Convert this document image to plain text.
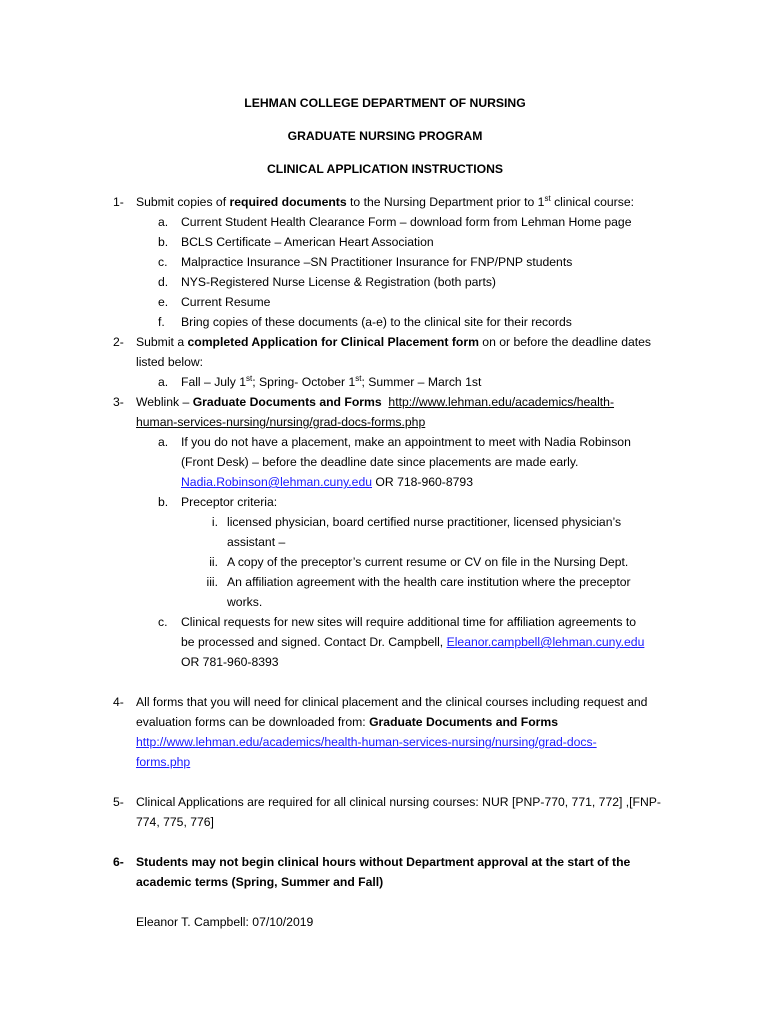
LEHMAN COLLEGE DEPARTMENT OF NURSING
GRADUATE NURSING PROGRAM
CLINICAL APPLICATION INSTRUCTIONS
1- Submit copies of required documents to the Nursing Department prior to 1st clinical course:
a. Current Student Health Clearance Form – download form from Lehman Home page
b. BCLS Certificate – American Heart Association
c. Malpractice Insurance –SN Practitioner Insurance for FNP/PNP students
d. NYS-Registered Nurse License & Registration (both parts)
e. Current Resume
f. Bring copies of these documents (a-e) to the clinical site for their records
2- Submit a completed Application for Clinical Placement form on or before the deadline dates
listed below:
a. Fall – July 1st; Spring- October 1st; Summer – March 1st
3- Weblink – Graduate Documents and Forms http://www.lehman.edu/academics/health-
human-services-nursing/nursing/grad-docs-forms.php
a. If you do not have a placement, make an appointment to meet with Nadia Robinson
(Front Desk) – before the deadline date since placements are made early.
Nadia.Robinson@lehman.cuny.edu OR 718-960-8793
b. Preceptor criteria:
i. licensed physician, board certified nurse practitioner, licensed physician’s
assistant –
ii. A copy of the preceptor’s current resume or CV on file in the Nursing Dept.
iii. An affiliation agreement with the health care institution where the preceptor
works.
c. Clinical requests for new sites will require additional time for affiliation agreements to
be processed and signed. Contact Dr. Campbell, Eleanor.campbell@lehman.cuny.edu
OR 781-960-8393
4- All forms that you will need for clinical placement and the clinical courses including request and
evaluation forms can be downloaded from: Graduate Documents and Forms
http://www.lehman.edu/academics/health-human-services-nursing/nursing/grad-docs-
forms.php
5- Clinical Applications are required for all clinical nursing courses: NUR [PNP-770, 771, 772] ,[FNP-
774, 775, 776]
6- Students may not begin clinical hours without Department approval at the start of the
academic terms (Spring, Summer and Fall)
Eleanor T. Campbell: 07/10/2019
